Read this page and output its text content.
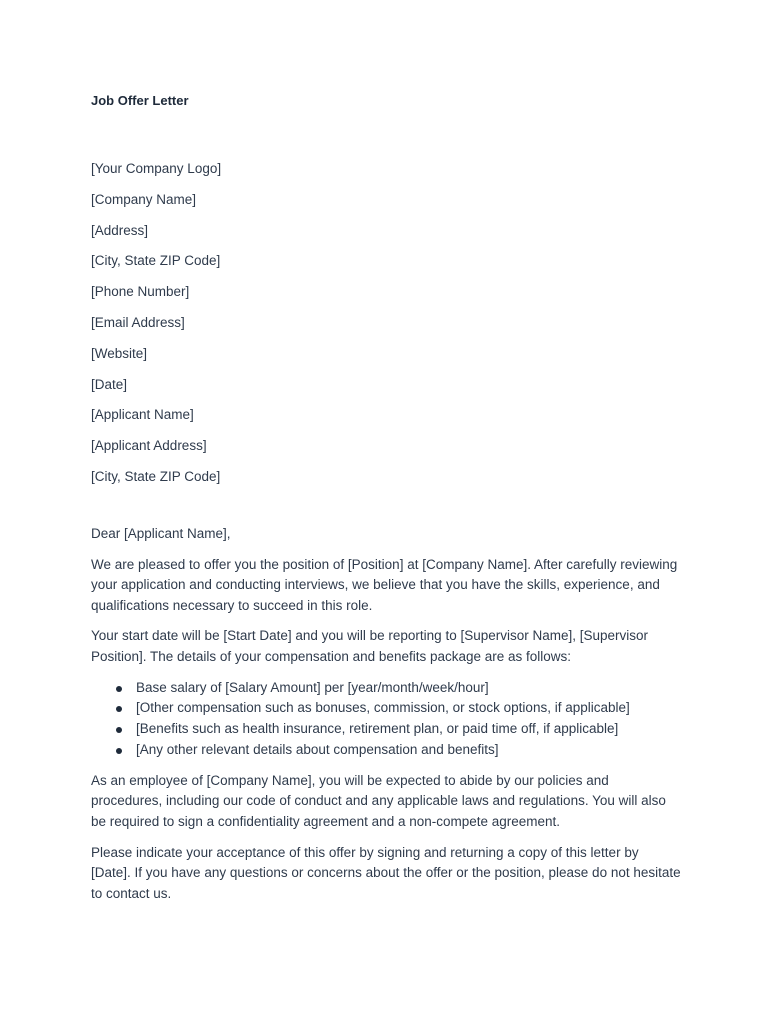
Job Offer Letter
[Your Company Logo]
[Company Name]
[Address]
[City, State ZIP Code]
[Phone Number]
[Email Address]
[Website]
[Date]
[Applicant Name]
[Applicant Address]
[City, State ZIP Code]

Dear [Applicant Name],

We are pleased to offer you the position of [Position] at [Company Name]. After carefully reviewing your application and conducting interviews, we believe that you have the skills, experience, and qualifications necessary to succeed in this role.

Your start date will be [Start Date] and you will be reporting to [Supervisor Name], [Supervisor Position]. The details of your compensation and benefits package are as follows:

Base salary of [Salary Amount] per [year/month/week/hour]
[Other compensation such as bonuses, commission, or stock options, if applicable]
[Benefits such as health insurance, retirement plan, or paid time off, if applicable]
[Any other relevant details about compensation and benefits]

As an employee of [Company Name], you will be expected to abide by our policies and procedures, including our code of conduct and any applicable laws and regulations. You will also be required to sign a confidentiality agreement and a non-compete agreement.

Please indicate your acceptance of this offer by signing and returning a copy of this letter by [Date]. If you have any questions or concerns about the offer or the position, please do not hesitate to contact us.
